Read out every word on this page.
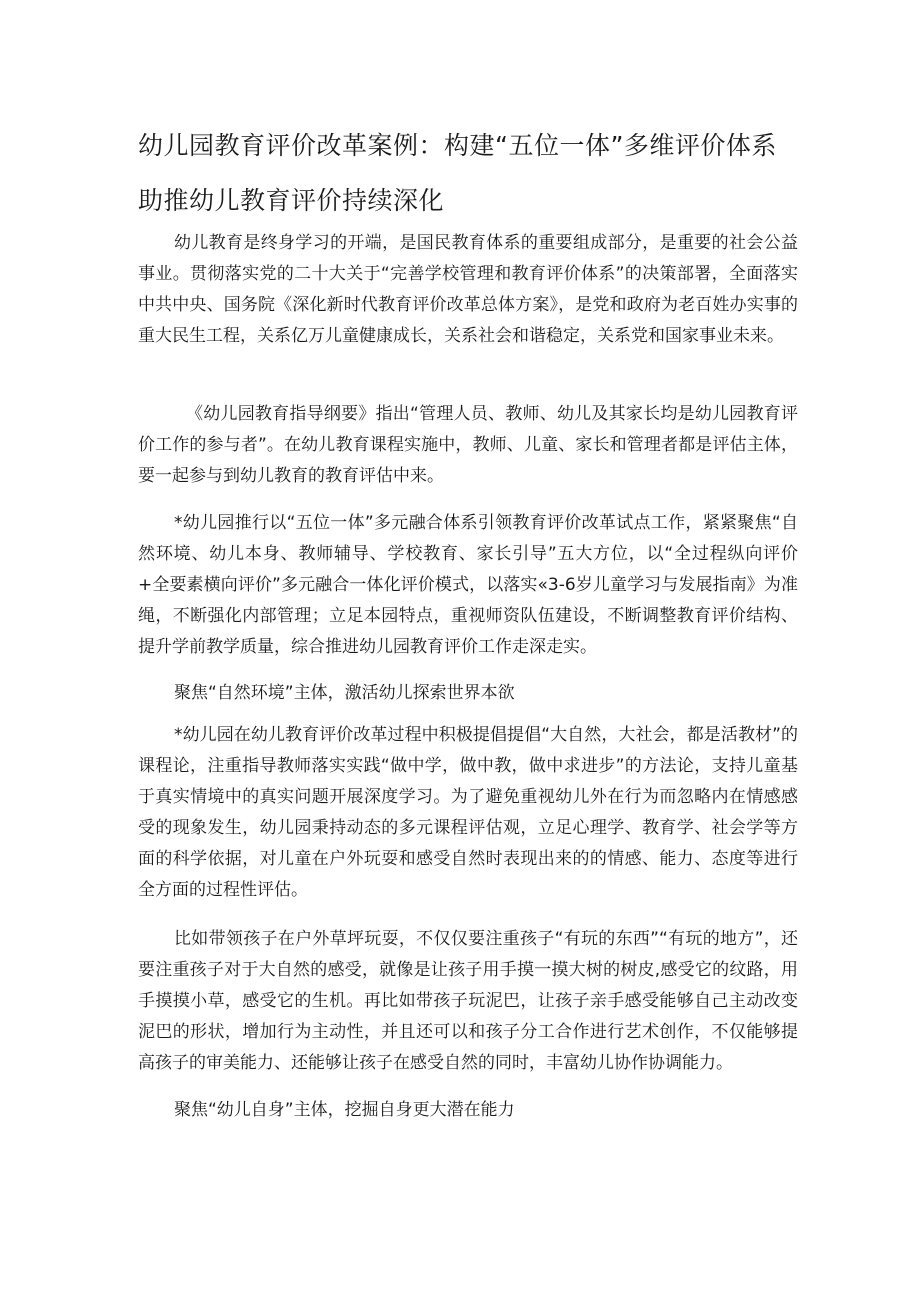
幼儿园教育评价改革案例：构建“五位一体”多维评价体系助推幼儿教育评价持续深化

幼儿教育是终身学习的开端，是国民教育体系的重要组成部分，是重要的社会公益事业。贯彻落实党的二十大关于“完善学校管理和教育评价体系”的决策部署，全面落实中共中央、国务院《深化新时代教育评价改革总体方案》，是党和政府为老百姓办实事的重大民生工程，关系亿万儿童健康成长，关系社会和谐稳定，关系党和国家事业未来。

《幼儿园教育指导纲要》指出“管理人员、教师、幼儿及其家长均是幼儿园教育评价工作的参与者”。在幼儿教育课程实施中，教师、儿童、家长和管理者都是评估主体，要一起参与到幼儿教育的教育评估中来。

*幼儿园推行以“五位一体”多元融合体系引领教育评价改革试点工作，紧紧聚焦“自然环境、幼儿本身、教师辅导、学校教育、家长引导”五大方位，以“全过程纵向评价+全要素横向评价”多元融合一体化评价模式，以落实«3-6岁儿童学习与发展指南》为准绳，不断强化内部管理；立足本园特点，重视师资队伍建设，不断调整教育评价结构、提升学前教学质量，综合推进幼儿园教育评价工作走深走实。

聚焦“自然环境”主体，激活幼儿探索世界本欲

*幼儿园在幼儿教育评价改革过程中积极提倡提倡“大自然，大社会，都是活教材”的课程论，注重指导教师落实实践“做中学，做中教，做中求进步”的方法论，支持儿童基于真实情境中的真实问题开展深度学习。为了避免重视幼儿外在行为而忽略内在情感感受的现象发生，幼儿园秉持动态的多元课程评估观，立足心理学、教育学、社会学等方面的科学依据，对儿童在户外玩耍和感受自然时表现出来的的情感、能力、态度等进行全方面的过程性评估。

比如带领孩子在户外草坪玩耍，不仅仅要注重孩子“有玩的东西”“有玩的地方”，还要注重孩子对于大自然的感受，就像是让孩子用手摸一摸大树的树皮,感受它的纹路，用手摸摸小草，感受它的生机。再比如带孩子玩泥巴，让孩子亲手感受能够自己主动改变泥巴的形状，增加行为主动性，并且还可以和孩子分工合作进行艺术创作，不仅能够提高孩子的审美能力、还能够让孩子在感受自然的同时，丰富幼儿协作协调能力。

聚焦“幼儿自身”主体，挖掘自身更大潜在能力
